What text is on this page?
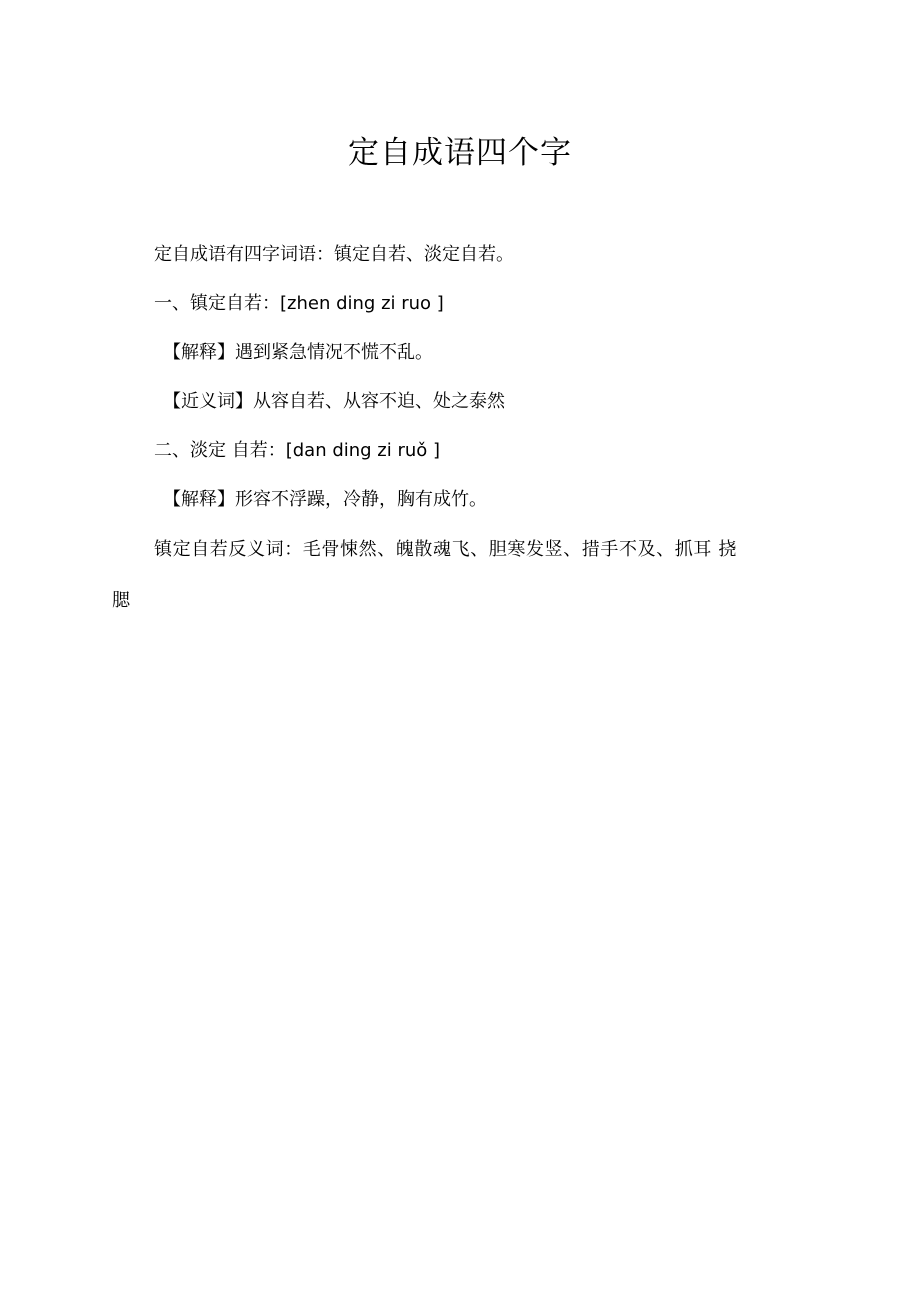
定自成语四个字
定自成语有四字词语：镇定自若、淡定自若。
一、镇定自若：[zhen ding zi ruo ]
【解释】遇到紧急情况不慌不乱。
【近义词】从容自若、从容不迫、处之泰然
二、淡定 自若：[dan ding zi ruǒ ]
【解释】形容不浮躁，冷静，胸有成竹。
镇定自若反义词：毛骨悚然、魄散魂飞、胆寒发竖、措手不及、抓耳 挠
腮
